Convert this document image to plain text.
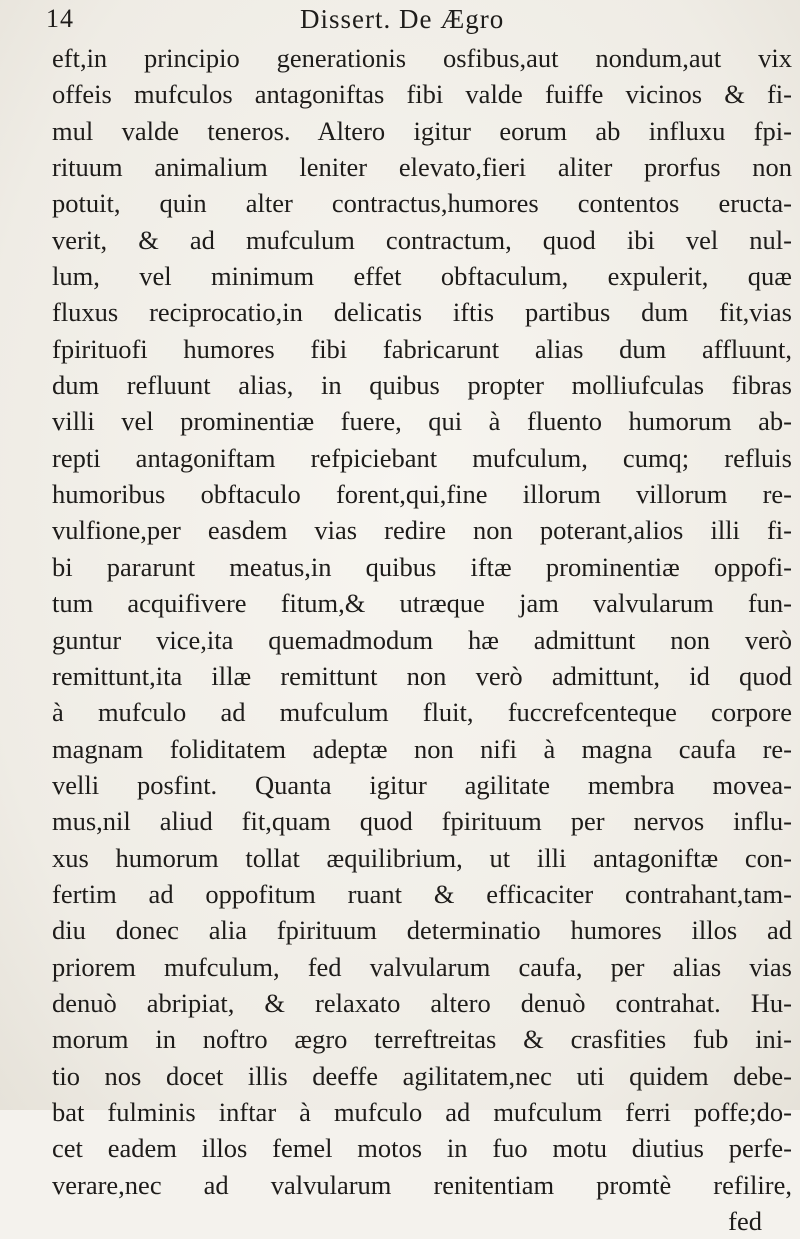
14	Dissert. De Ægro
eft,in principio generationis osfibus,aut nondum,aut vix
offeis mufculos antagoniftas fibi valde fuiffe vicinos & fi-
mul valde teneros. Altero igitur eorum ab influxu fpi-
rituum animalium leniter elevato,fieri aliter prorfus non
potuit, quin alter contractus,humores contentos eructa-
verit, & ad mufculum contractum, quod ibi vel nul-
lum, vel minimum effet obftaculum, expulerit, quæ
fluxus reciprocatio,in delicatis iftis partibus dum fit,vias
fpirituofi humores fibi fabricarunt alias dum affluunt,
dum refluunt alias, in quibus propter molliufculas fibras
villi vel prominentiæ fuere, qui à fluento humorum ab-
repti antagoniftam refpiciebant mufculum, cumq; refluis
humoribus obftaculo forent,qui,fine illorum villorum re-
vulfione,per easdem vias redire non poterant,alios illi fi-
bi pararunt meatus,in quibus iftæ prominentiæ oppofi-
tum acquifivere fitum,& utræque jam valvularum fun-
guntur vice,ita quemadmodum hæ admittunt non verò
remittunt,ita illæ remittunt non verò admittunt, id quod
à mufculo ad mufculum fluit, fuccrefcenteque corpore
magnam foliditatem adeptæ non nifi à magna caufa re-
velli posfint. Quanta igitur agilitate membra movea-
mus,nil aliud fit,quam quod fpirituum per nervos influ-
xus humorum tollat æquilibrium, ut illi antagoniftæ con-
fertim ad oppofitum ruant & efficaciter contrahant,tam-
diu donec alia fpirituum determinatio humores illos ad
priorem mufculum, fed valvularum caufa, per alias vias
denuò abripiat, & relaxato altero denuò contrahat. Hu-
morum in noftro ægro terreftreitas & crasfities fub ini-
tio nos docet illis deeffe agilitatem,nec uti quidem debe-
bat fulminis inftar à mufculo ad mufculum ferri poffe;do-
cet eadem illos femel motos in fuo motu diutius perfe-
verare,nec ad valvularum renitentiam promtè refilire,
fed
